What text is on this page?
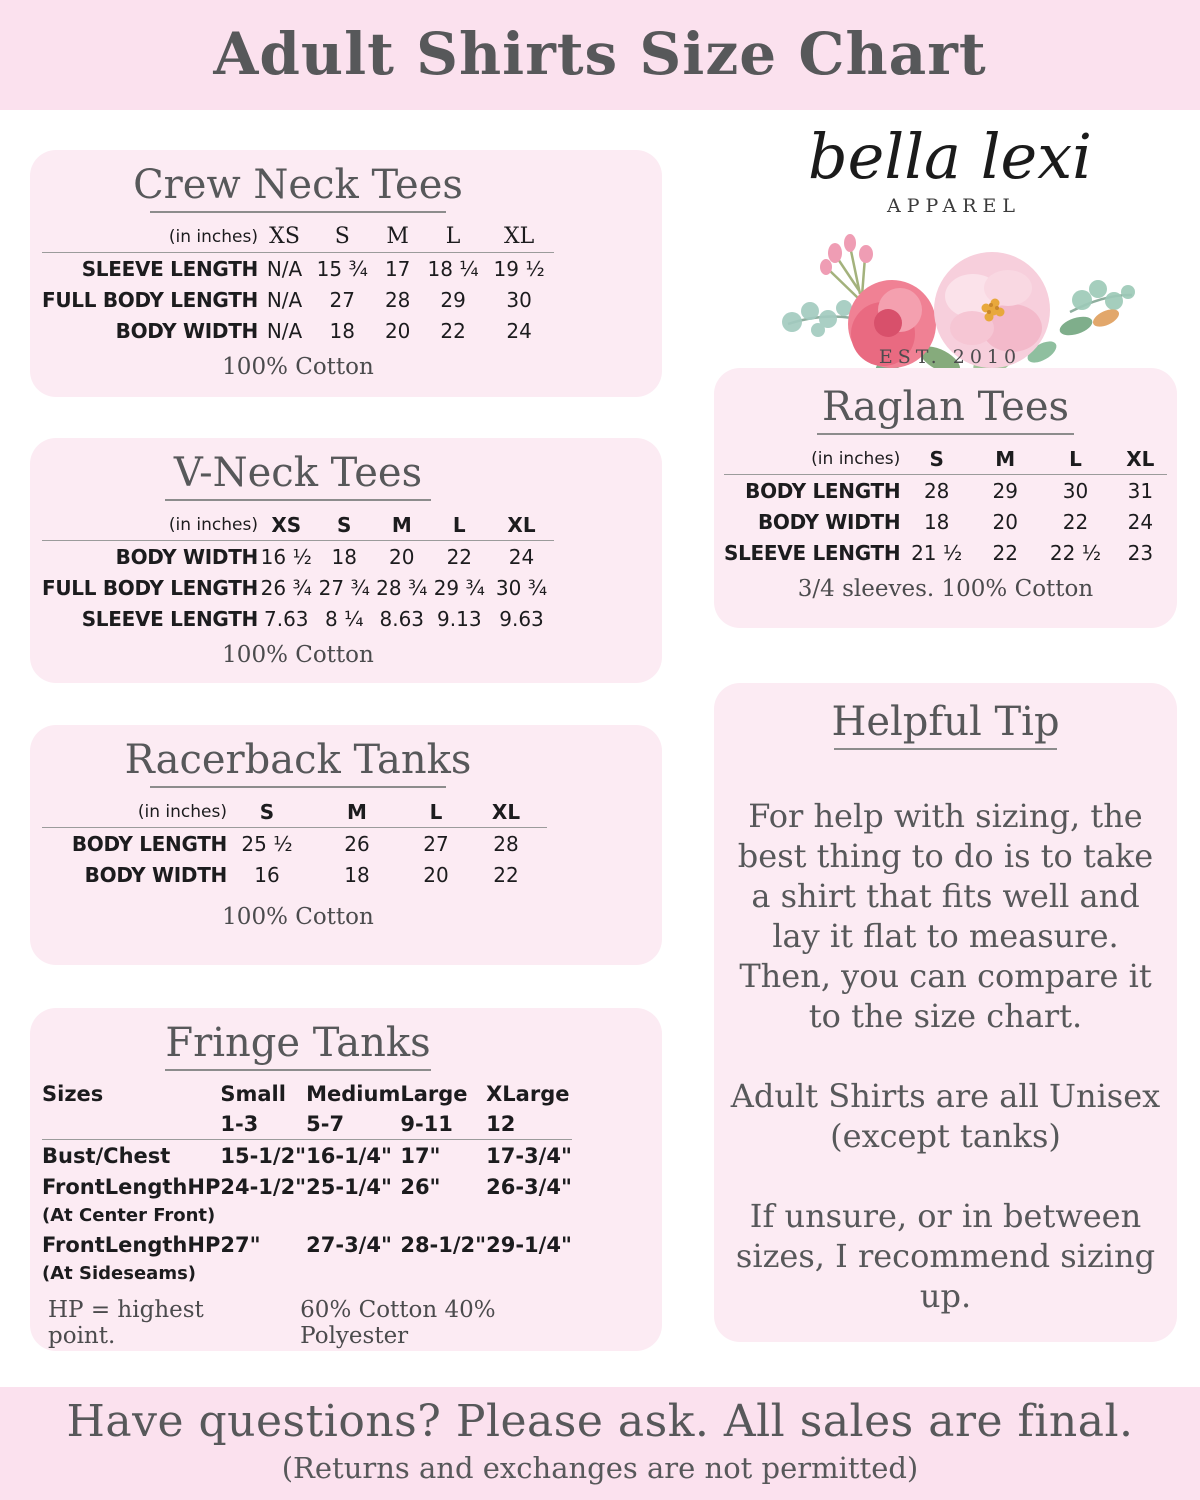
Adult Shirts Size Chart
Crew Neck Tees
(in inches)	XS	S	M	L	XL
SLEEVE LENGTH	N/A	15 ¾	17	18 ¼	19 ½
FULL BODY LENGTH	N/A	27	28	29	30
BODY WIDTH	N/A	18	20	22	24
100% Cotton
V-Neck Tees
(in inches)	XS	S	M	L	XL
BODY WIDTH	16 ½	18	20	22	24
FULL BODY LENGTH	26 ¾	27 ¾	28 ¾	29 ¾	30 ¾
SLEEVE LENGTH	7.63	8 ¼	8.63	9.13	9.63
100% Cotton
Racerback Tanks
(in inches)	S	M	L	XL
BODY LENGTH	25 ½	26	27	28
BODY WIDTH	16	18	20	22
100% Cotton
Fringe Tanks
Sizes	Small	Medium	Large	XLarge
	1-3	5-7	9-11	12
Bust/Chest	15-1/2"	16-1/4"	17"	17-3/4"
FrontLengthHP	24-1/2"	25-1/4"	26"	26-3/4"
(At Center Front)				
FrontLengthHP	27"	27-3/4"	28-1/2"	29-1/4"
(At Sideseams)				
HP = highest point.
60% Cotton 40% Polyester
bella lexi
APPAREL
EST. 2010
Raglan Tees
(in inches)	S	M	L	XL
BODY LENGTH	28	29	30	31
BODY WIDTH	18	20	22	24
SLEEVE LENGTH	21 ½	22	22 ½	23
3/4 sleeves. 100% Cotton
Helpful Tip

For help with sizing, the best thing to do is to take a shirt that fits well and lay it flat to measure. Then, you can compare it to the size chart.

Adult Shirts are all Unisex (except tanks)

If unsure, or in between sizes, I recommend sizing up.

Have questions? Please ask. All sales are final.
(Returns and exchanges are not permitted)
